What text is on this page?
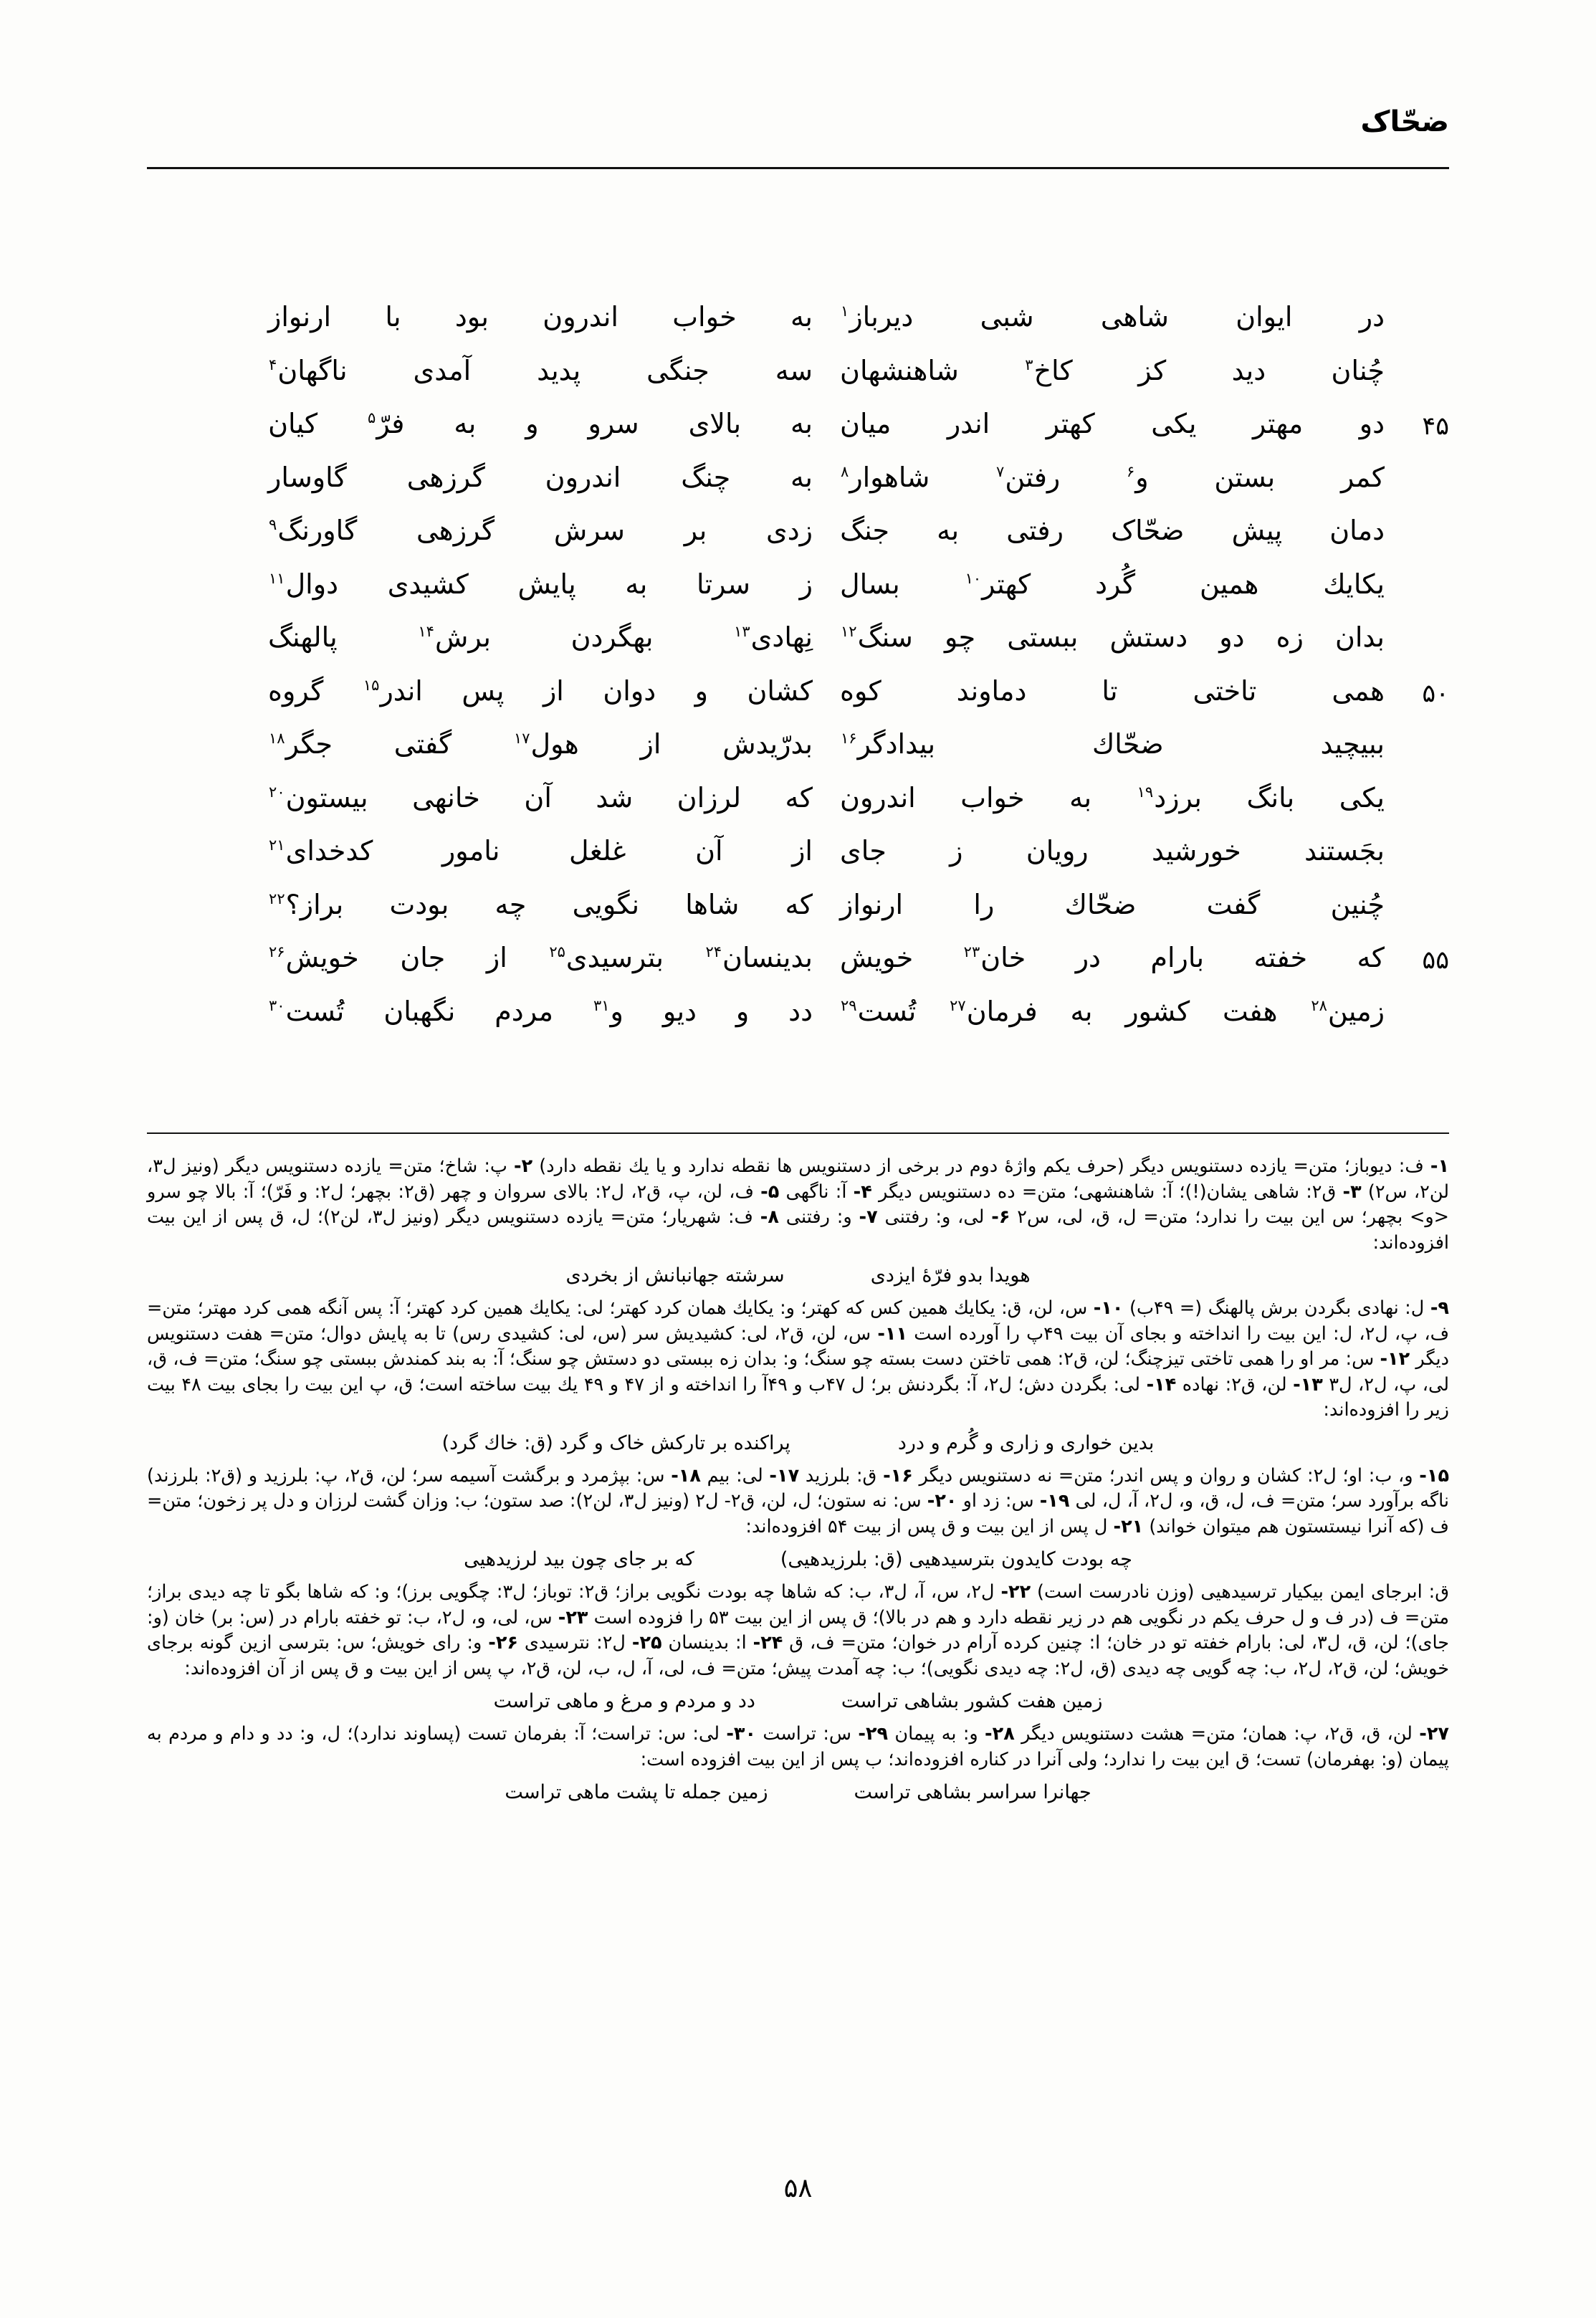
ضحّاک
در
ایوان
شاهی
شبی
دیرباز$^۱$
به
خواب
اندرون
بود
با
ارنواز
چُنان
دید
کز
کاخ$^۳$
شاهنشهان
سه
جنگی
پدید
آمدی
ناگهان$^۴$
۴۵
دو
مهتر
یکی
کهتر
اندر
میان
به
بالای
سرو
و
به
فرّ$^۵$
کیان
کمر
بستن
و$^۶$
رفتن$^۷$
شاهوار$^۸$
به
چنگ
اندرون
گرزهی
گاوسار
دمان
پیش
ضحّاک
رفتی
به
جنگ
زدی
بر
سرش
گرزهی
گاورنگ$^۹$
یكایك
همین
گُرد
کهتر$^{۱۰}$
بسال
ز
سرتا
به
پایش
کشیدی
دوال$^{۱۱}$
بدان
زه
دو
دستش
ببستی
چو
سنگ$^{۱۲}$
نِهادی$^{۱۳}$
بهگردن
برش$^{۱۴}$
پالهنگ
۵۰
همی
تاختی
تا
دماوند
کوه
کشان
و
دوان
از
پس
اندر$^{۱۵}$
گروه
ببیچید
ضحّاك
بیدادگر$^{۱۶}$
بدرّیدش
از
هول$^{۱۷}$
گفتی
جگر$^{۱۸}$
یکی
بانگ
برزد$^{۱۹}$
به
خواب
اندرون
که
لرزان
شد
آن
خانهی
بیستون$^{۲۰}$
بجَستند
خورشید
رویان
ز
جای
از
آن
غلغل
نامور
کدخدای$^{۲۱}$
چُنین
گفت
ضحّاك
را
ارنواز
که
شاها
نگویی
چه
بودت
براز؟$^{۲۲}$
۵۵
که
خفته
بارام
در
خان$^{۲۳}$
خویش
بدینسان$^{۲۴}$
بترسیدی$^{۲۵}$
از
جان
خویش$^{۲۶}$
زمین$^{۲۸}$
هفت
کشور
به
فرمان$^{۲۷}$
تُست$^{۲۹}$
دد
و
دیو
و$^{۳۱}$
مردم
نگهبان
تُست$^{۳۰}$
۱- ف: دیوباز؛ متن= یازده دستنویس دیگر (حرف یکم واژهٔ دوم در برخی از دستنویس ها نقطه ندارد و یا یك نقطه دارد) ۲- پ: شاخ؛ متن= یازده دستنویس دیگر (ونیز ل۳، لن۲، س۲) ۳- ق۲: شاهی یشان(!)؛ آ: شاهنشهی؛ متن= ده دستنویس دیگر ۴- آ: ناگهی ۵- ف، لن، پ، ق۲، ل۲: بالای سروان و چهر (ق۲: بچهر؛ ل۲: و فَرّ)؛ آ: بالا چو سرو <و> بچهر؛ س این بیت را ندارد؛ متن= ل، ق، لی، س۲ ۶- لی، و: رفتنی ۷- و: رفتنی ۸- ف: شهریار؛ متن= یازده دستنویس دیگر (ونیز ل۳، لن۲)؛ ل، ق پس از این بیت افزوده‌اند:
هویدا بدو فرّهٔ ایزدی
سرشته جهانبانش از بخردی
۹- ل: نهادی بگردن برش پالهنگ (= ۴۹ب) ۱۰- س، لن، ق: یكایك همین کس که کهتر؛ و: یكایك همان کرد کهتر؛ لی: یكایك همین کرد کهتر؛ آ: پس آنگه همی کرد مهتر؛ متن= ف، پ، ل۲، ل: این بیت را انداخته و بجای آن بیت ۴۹پ را آورده است ۱۱- س، لن، ق۲، لی: کشیدیش سر (س، لی: کشیدی رس) تا به پایش دوال؛ متن= هفت دستنویس دیگر ۱۲- س: مر او را همی تاختی تیزچنگ؛ لن، ق۲: همی تاختن دست بسته چو سنگ؛ و: بدان زه ببستی دو دستش چو سنگ؛ آ: به بند کمندش ببستی چو سنگ؛ متن= ف، ق، لی، پ، ل۲، ل۳ ۱۳- لن، ق۲: نهاده ۱۴- لی: بگردن دش؛ ل۲، آ: بگردنش بر؛ ل ۴۷ب و ۴۹آ را انداخته و از ۴۷ و ۴۹ یك بیت ساخته است؛ ق، پ این بیت را بجای بیت ۴۸ بیت زیر را افزوده‌اند:
بدین خواری و زاری و گُرم و درد
پراکنده بر تارکش خاک و گرد (ق: خاك گرد)
۱۵- و، ب: او؛ ل۲: کشان و روان و پس اندر؛ متن= نه دستنویس دیگر ۱۶- ق: بلرزید ۱۷- لی: بیم ۱۸- س: بپژمرد و برگشت آسیمه سر؛ لن، ق۲، پ: بلرزید و (ق۲: بلرزند) ناگه برآورد سر؛ متن= ف، ل، ق، و، ل۲، آ، ل، لی ۱۹- س: زد او ۲۰- س: نه ستون؛ ل، لن، ق۲- ل۲ (ونیز ل۳، لن۲): صد ستون؛ ب: وزان گشت لرزان و دل پر زخون؛ متن= ف (که آنرا نیستستون هم میتوان خواند) ۲۱- ل پس از این بیت و ق پس از بیت ۵۴ افزوده‌اند:
چه بودت کایدون بترسیدهیی (ق: بلرزیدهیی)
که بر جای چون بید لرزیدهیی
ق: ابرجای ایمن بیكیار ترسیدهیی (وزن نادرست است) ۲۲- ل۲، س، آ، ل۳، ب: که شاها چه بودت نگویی براز؛ ق۲: توباز؛ ل۳: چگویی برز)؛ و: که شاها بگو تا چه دیدی براز؛ متن= ف (در ف و ل حرف یكم در نگویی هم در زیر نقطه دارد و هم در بالا)؛ ق پس از این بیت ۵۳ را فزوده است ۲۳- س، لی، و، ل۲، ب: تو خفته بارام در (س: بر) خان (و: جای)؛ لن، ق، ل۳، لی: بارام خفته تو در خان؛ ا: چنین کرده آرام در خوان؛ متن= ف، ق ۲۴- ا: بدینسان ۲۵- ل۲: نترسیدی ۲۶- و: رای خویش؛ س: بترسی ازین گونه برجای خویش؛ لن، ق۲، ل۲، ب: چه گویی چه دیدی (ق، ل۲: چه دیدی نگویی)؛ ب: چه آمدت پیش؛ متن= ف، لی، آ، ل، ب، لن، ق۲، پ پس از این بیت و ق پس از آن افزوده‌اند:
زمین هفت کشور بشاهی تراست
دد و مردم و مرغ و ماهی تراست
۲۷- لن، ق، ق۲، پ: همان؛ متن= هشت دستنویس دیگر ۲۸- و: به پیمان ۲۹- س: تراست ۳۰- لی: س: تراست؛ آ: بفرمان تست (پساوند ندارد)؛ ل، و: دد و دام و مردم به پیمان (و: بهفرمان) تست؛ ق این بیت را ندارد؛ ولی آنرا در کناره افزوده‌اند؛ ب پس از این بیت افزوده است:
جهانرا سراسر بشاهی تراست
زمین جمله تا پشت ماهی تراست
۵۸
